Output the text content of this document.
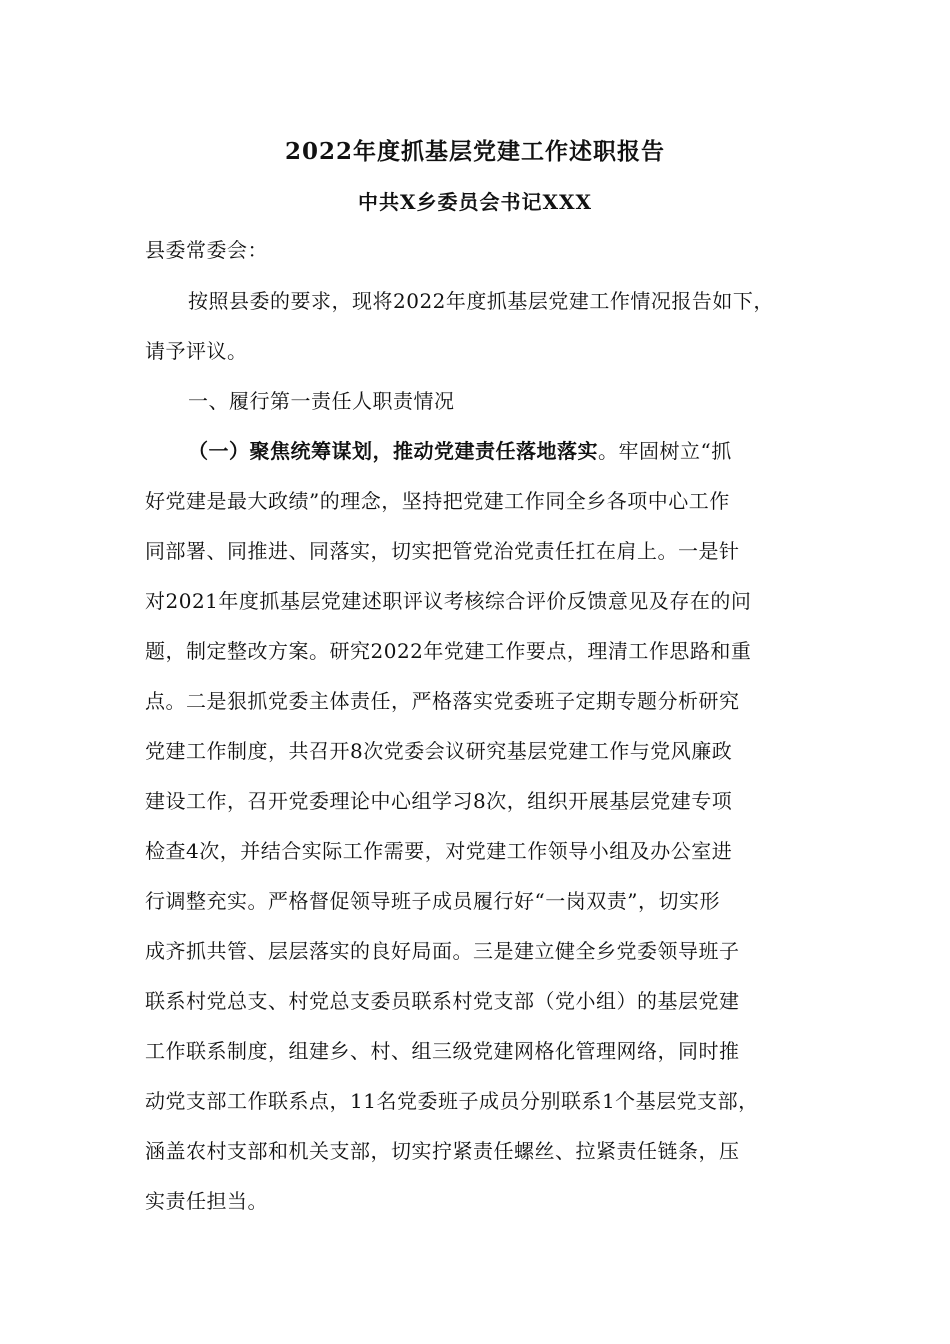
2022年度抓基层党建工作述职报告
中共X乡委员会书记XXX
县委常委会：
按照县委的要求，现将2022年度抓基层党建工作情况报告如下，
请予评议。
一、履行第一责任人职责情况
（一）聚焦统筹谋划，推动党建责任落地落实。牢固树立“抓
好党建是最大政绩”的理念，坚持把党建工作同全乡各项中心工作
同部署、同推进、同落实，切实把管党治党责任扛在肩上。一是针
对2021年度抓基层党建述职评议考核综合评价反馈意见及存在的问
题，制定整改方案。研究2022年党建工作要点，理清工作思路和重
点。二是狠抓党委主体责任，严格落实党委班子定期专题分析研究
党建工作制度，共召开8次党委会议研究基层党建工作与党风廉政
建设工作，召开党委理论中心组学习8次，组织开展基层党建专项
检查4次，并结合实际工作需要，对党建工作领导小组及办公室进
行调整充实。严格督促领导班子成员履行好“一岗双责”，切实形
成齐抓共管、层层落实的良好局面。三是建立健全乡党委领导班子
联系村党总支、村党总支委员联系村党支部（党小组）的基层党建
工作联系制度，组建乡、村、组三级党建网格化管理网络，同时推
动党支部工作联系点，11名党委班子成员分别联系1个基层党支部，
涵盖农村支部和机关支部，切实拧紧责任螺丝、拉紧责任链条，压
实责任担当。
